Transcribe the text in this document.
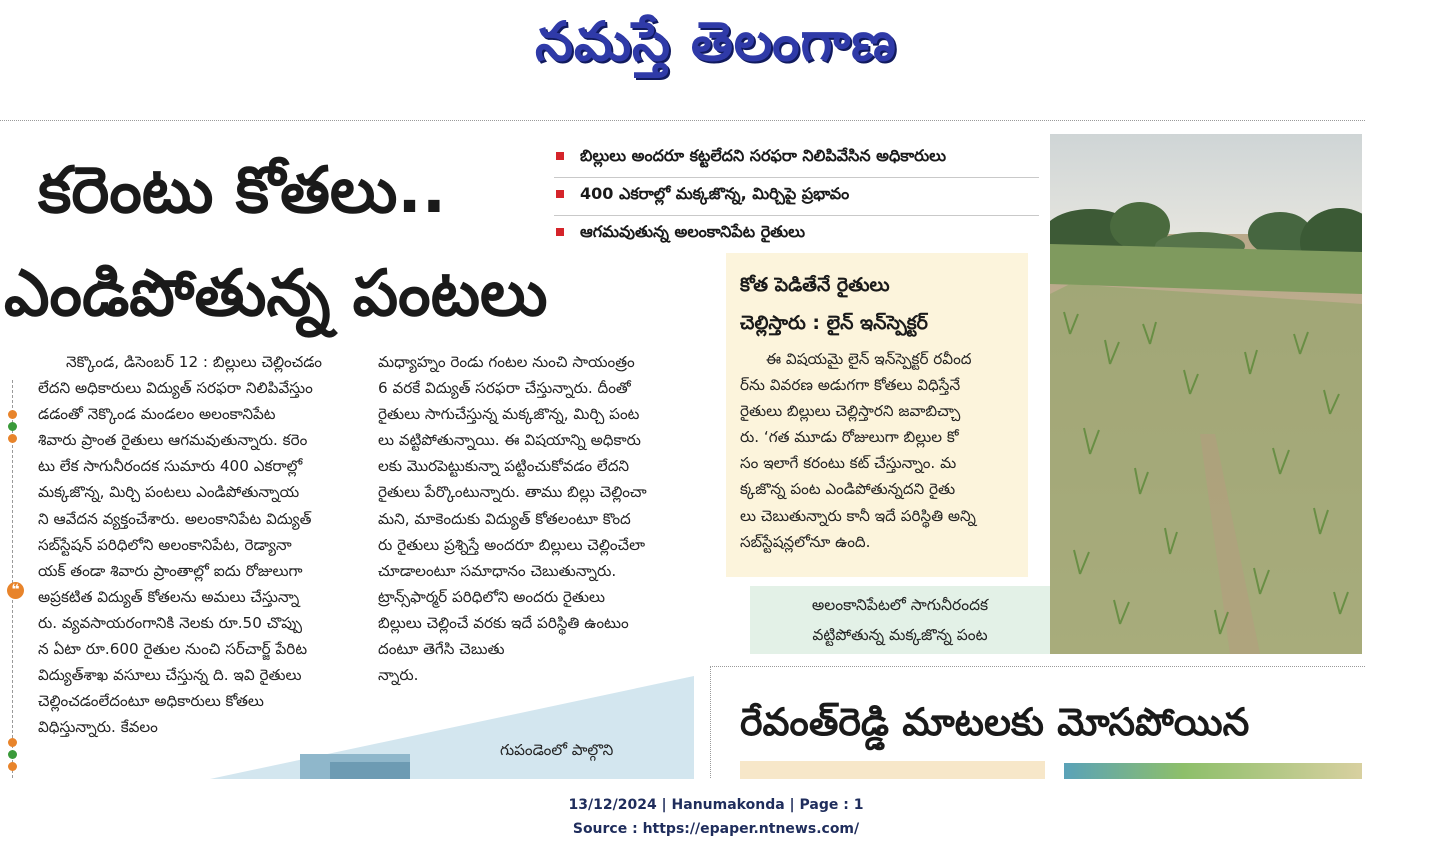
నమస్తే తెలంగాణ
కరెంటు కోతలు..
ఎండిపోతున్న పంటలు
బిల్లులు అందరూ కట్టలేదని సరఫరా నిలిపివేసిన అధికారులు
400 ఎకరాల్లో మక్కజొన్న, మిర్చిపై ప్రభావం
ఆగమవుతున్న అలంకానిపేట రైతులు
❝

నెక్కొండ, డిసెంబర్ 12 : బిల్లులు చెల్లించడం

లేదని అధికారులు విద్యుత్ సరఫరా నిలిపివేస్తుం

డడంతో నెక్కొండ మండలం అలంకానిపేట

శివారు ప్రాంత రైతులు ఆగమవుతున్నారు. కరెం

టు లేక సాగునీరందక సుమారు 400 ఎకరాల్లో

మక్కజొన్న, మిర్చి పంటలు ఎండిపోతున్నాయ

ని ఆవేదన వ్యక్తంచేశారు. అలంకానిపేట విద్యుత్

సబ్‌స్టేషన్ పరిధిలోని అలంకానిపేట, రెడ్యానా

యక్ తండా శివారు ప్రాంతాల్లో ఐదు రోజులుగా

అప్రకటిత విద్యుత్ కోతలను అమలు చేస్తున్నా

రు. వ్యవసాయరంగానికి నెలకు రూ.50 చొప్పు

న ఏటా రూ.600 రైతుల నుంచి సర్‌చార్జ్ పేరిట

విద్యుత్‌శాఖ వసూలు చేస్తున్న ది. ఇవి రైతులు

చెల్లించడంలేదంటూ అధికారులు కోతలు

విధిస్తున్నారు. కేవలం

మధ్యాహ్నం రెండు గంటల నుంచి సాయంత్రం

6 వరకే విద్యుత్ సరఫరా చేస్తున్నారు. దీంతో

రైతులు సాగుచేస్తున్న మక్కజొన్న, మిర్చి పంట

లు వట్టిపోతున్నాయి. ఈ విషయాన్ని అధికారు

లకు మొరపెట్టుకున్నా పట్టించుకోవడం లేదని

రైతులు పేర్కొంటున్నారు. తాము బిల్లు చెల్లించా

మని, మాకెందుకు విద్యుత్ కోతలంటూ కొంద

రు రైతులు ప్రశ్నిస్తే అందరూ బిల్లులు చెల్లించేలా

చూడాలంటూ సమాధానం చెబుతున్నారు.

ట్రాన్స్‌ఫార్మర్ పరిధిలోని అందరు రైతులు

బిల్లులు చెల్లించే వరకు ఇదే పరిస్థితి ఉంటుం

దంటూ తెగేసి చెబుతు

న్నారు.

కోత పెడితేనే రైతులు
చెల్లిస్తారు : లైన్ ఇన్‌స్పెక్టర్
ఈ విషయమై లైన్ ఇన్‌స్పెక్టర్ రవీంద
ర్‌ను వివరణ అడుగగా కోతలు విధిస్తేనే
రైతులు బిల్లులు చెల్లిస్తారని జవాబిచ్చా
రు. ‘గత మూడు రోజులుగా బిల్లుల కో
సం ఇలాగే కరంటు కట్ చేస్తున్నాం. మ
క్కజొన్న పంట ఎండిపోతున్నదని రైతు
లు చెబుతున్నారు కానీ ఇదే పరిస్థితి అన్ని
సబ్‌స్టేషన్లలోనూ ఉంది.
అలంకానిపేటలో సాగునీరందక
వట్టిపోతున్న మక్కజొన్న పంట
గుపండెంలో పాల్గొని
రేవంత్‌రెడ్డి మాటలకు మోసపోయిన
13/12/2024 | Hanumakonda | Page : 1
Source : https://epaper.ntnews.com/
